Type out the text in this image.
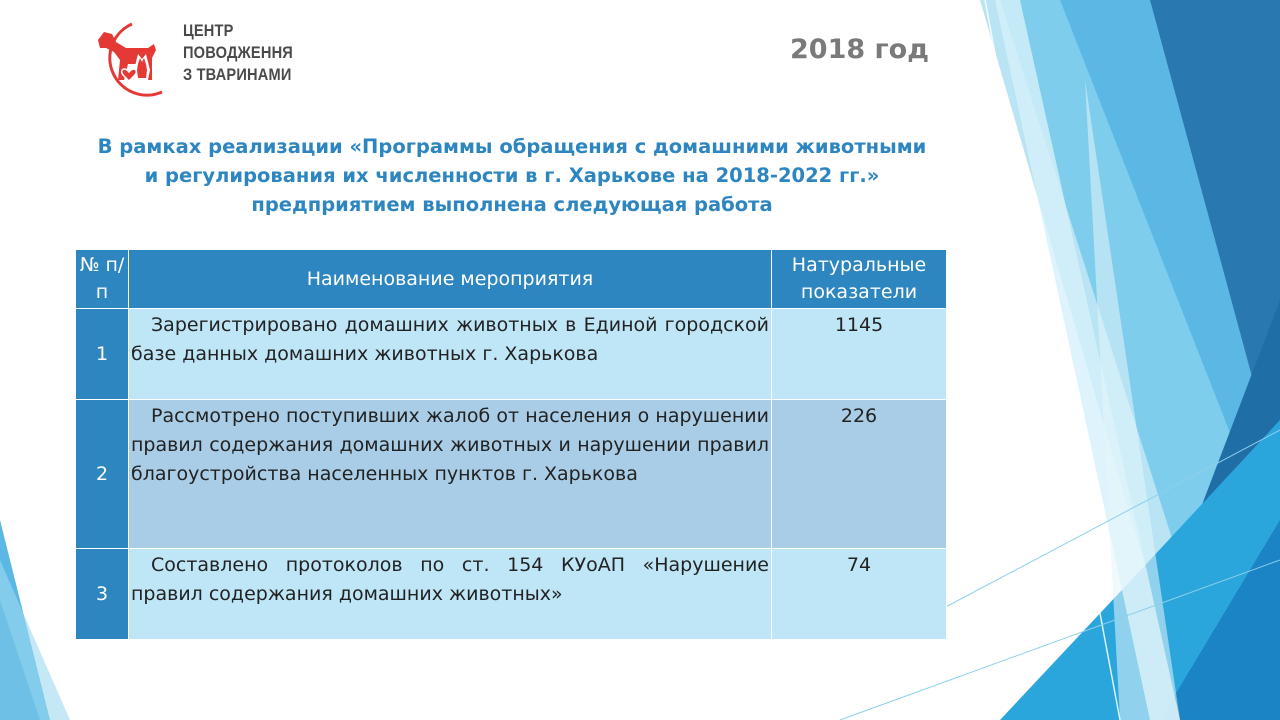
ЦЕНТР
ПОВОДЖЕННЯ
З ТВАРИНАМИ
2018 год
В рамках реализации «Программы обращения с домашними животными
и регулирования их численности в г. Харькове на 2018-2022 гг.»
предприятием выполнена следующая работа
№ п/п	Наименование мероприятия	Натуральные показатели
1	Зарегистрировано домашних животных в Единой городской базе данных домашних животных г. Харькова	1145
2	Рассмотрено поступивших жалоб от населения о нарушении правил содержания домашних животных и нарушении правил благоустройства населенных пунктов г. Харькова	226
3	Составлено протоколов по ст. 154 КУоАП «Нарушение правил содержания домашних животных»	74
